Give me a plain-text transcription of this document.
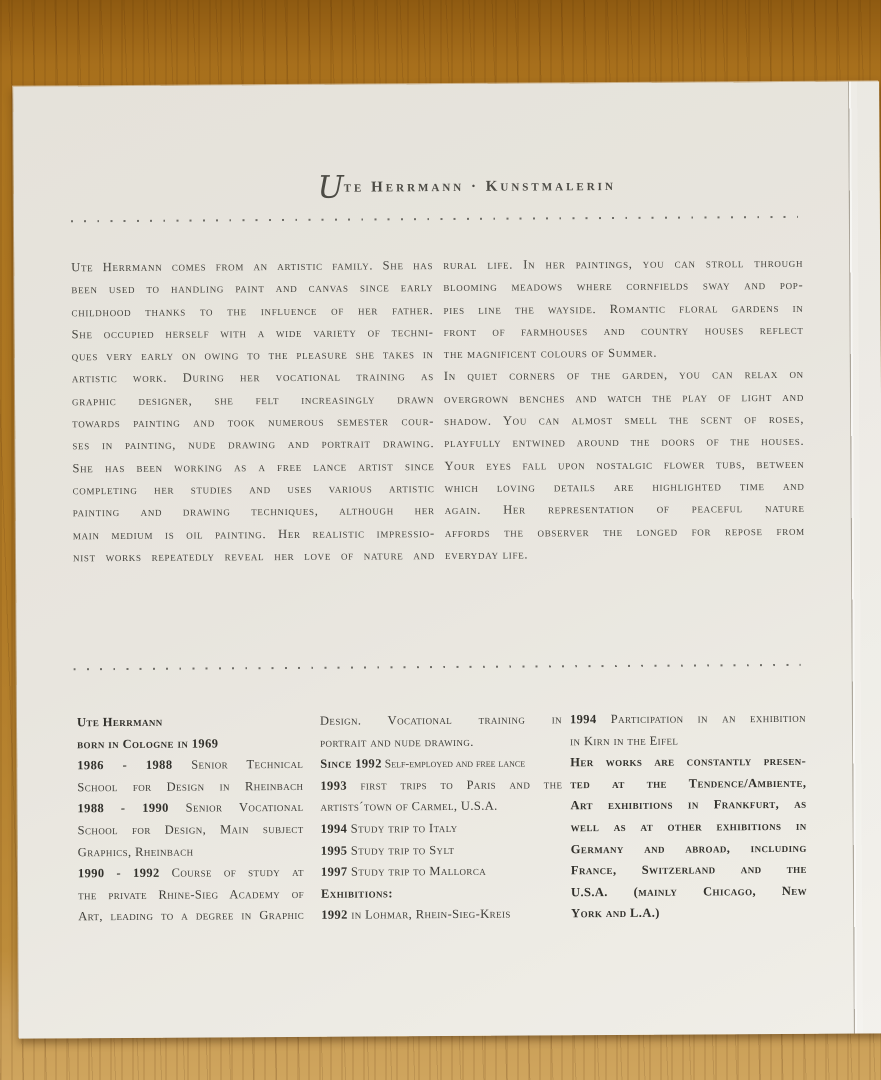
Ute Herrmann · Kunstmalerin
Ute Herrmann comes from an artistic family. She has
been used to handling paint and canvas since early
childhood thanks to the influence of her father.
She occupied herself with a wide variety of techni-
ques very early on owing to the pleasure she takes in
artistic work. During her vocational training as
graphic designer, she felt increasingly drawn
towards painting and took numerous semester cour-
ses in painting, nude drawing and portrait drawing.
She has been working as a free lance artist since
completing her studies and uses various artistic
painting and drawing techniques, although her
main medium is oil painting. Her realistic impressio-
nist works repeatedly reveal her love of nature and
rural life. In her paintings, you can stroll through
blooming meadows where cornfields sway and pop-
pies line the wayside. Romantic floral gardens in
front of farmhouses and country houses reflect
the magnificent colours of Summer.
In quiet corners of the garden, you can relax on
overgrown benches and watch the play of light and
shadow. You can almost smell the scent of roses,
playfully entwined around the doors of the houses.
Your eyes fall upon nostalgic flower tubs, between
which loving details are highlighted time and
again. Her representation of peaceful nature
affords the observer the longed for repose from
everyday life.
Ute Herrmann
born in Cologne in 1969
1986 - 1988 Senior Technical
School for Design in Rheinbach
1988 - 1990 Senior Vocational
School for Design, Main subject
Graphics, Rheinbach
1990 - 1992 Course of study at
the private Rhine-Sieg Academy of
Art, leading to a degree in Graphic
Design. Vocational training in
portrait and nude drawing.
Since 1992 Self-employed and free lance
1993 first trips to Paris and the
artists´town of Carmel, U.S.A.
1994 Study trip to Italy
1995 Study trip to Sylt
1997 Study trip to Mallorca
Exhibitions:
1992 in Lohmar, Rhein-Sieg-Kreis
1994 Participation in an exhibition
in Kirn in the Eifel
Her works are constantly presen-
ted at the Tendence/Ambiente,
Art exhibitions in Frankfurt, as
well as at other exhibitions in
Germany and abroad, including
France, Switzerland and the
U.S.A. (mainly Chicago, New
York and L.A.)
